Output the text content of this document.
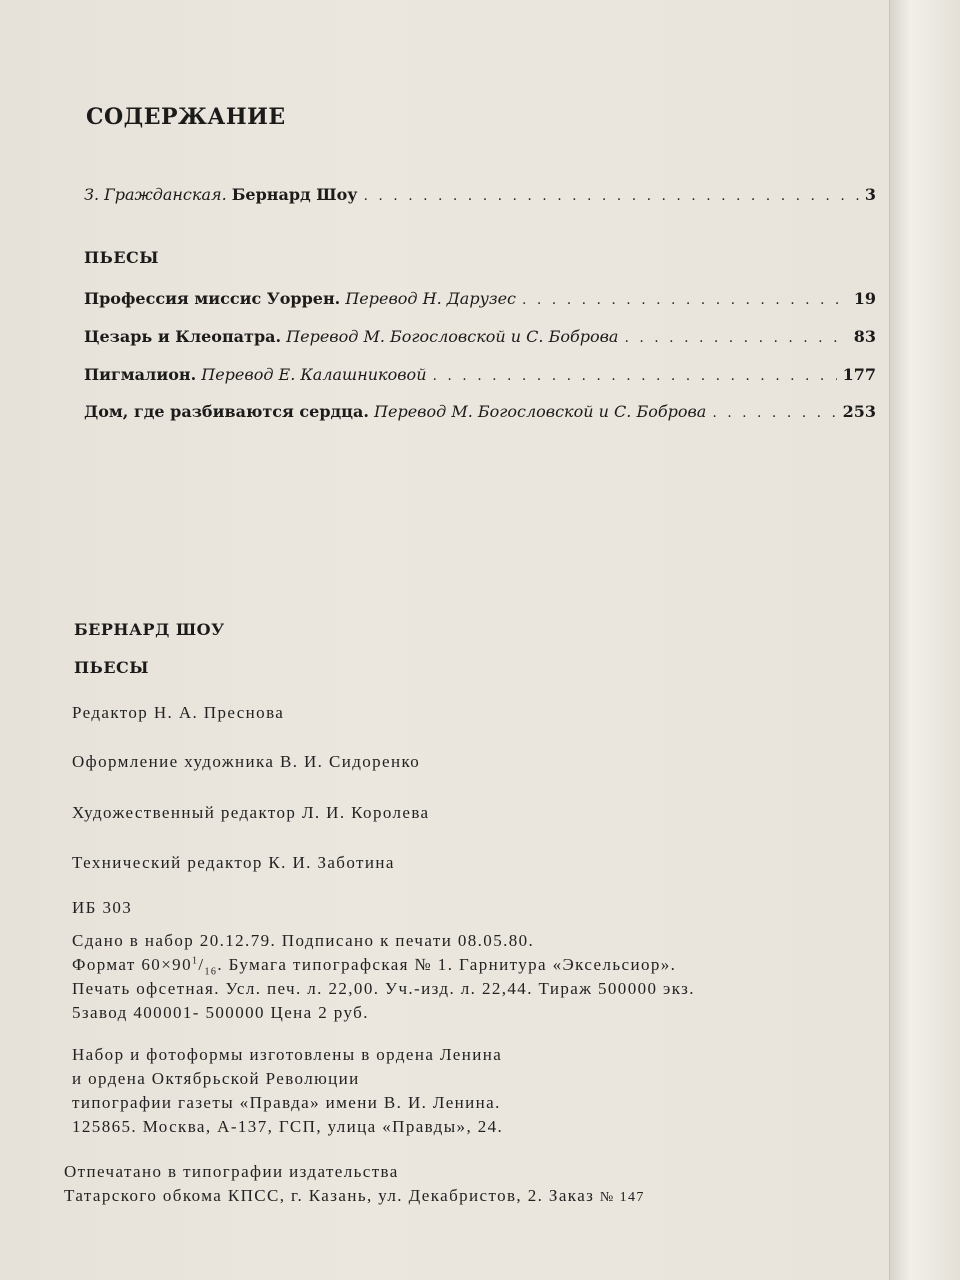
СОДЕРЖАНИЕ
З. Гражданская. Бернард Шоу . . .	3
ПЬЕСЫ
Профессия миссис Уоррен. Перевод Н. Дарузес . . .	19
Цезарь и Клеопатра. Перевод М. Богословской и С. Боброва . . .	83
Пигмалион. Перевод Е. Калашниковой . . .	177
Дом, где разбиваются сердца. Перевод М. Богословской и С. Боброва . . .	253
БЕРНАРД ШОУ
ПЬЕСЫ
Редактор Н. А. Преснова
Оформление художника В. И. Сидоренко
Художественный редактор Л. И. Королева
Технический редактор К. И. Заботина
ИБ 303
Сдано в набор 20.12.79. Подписано к печати 08.05.80.
Формат $60\times 90^1/_{16}$. Бумага типографская № 1. Гарнитура «Эксельсиор».
Печать офсетная. Усл. печ. л. 22,00. Уч.-изд. л. 22,44. Тираж 500000 экз.
5завод 400001- 500000 Цена 2 руб.
Набор и фотоформы изготовлены в ордена Ленина
и ордена Октябрьской Революции
типографии газеты «Правда» имени В. И. Ленина.
125865. Москва, А-137, ГСП, улица «Правды», 24.
Отпечатано в типографии издательства
Татарского обкома КПСС, г. Казань, ул. Декабристов, 2. Заказ № 147
